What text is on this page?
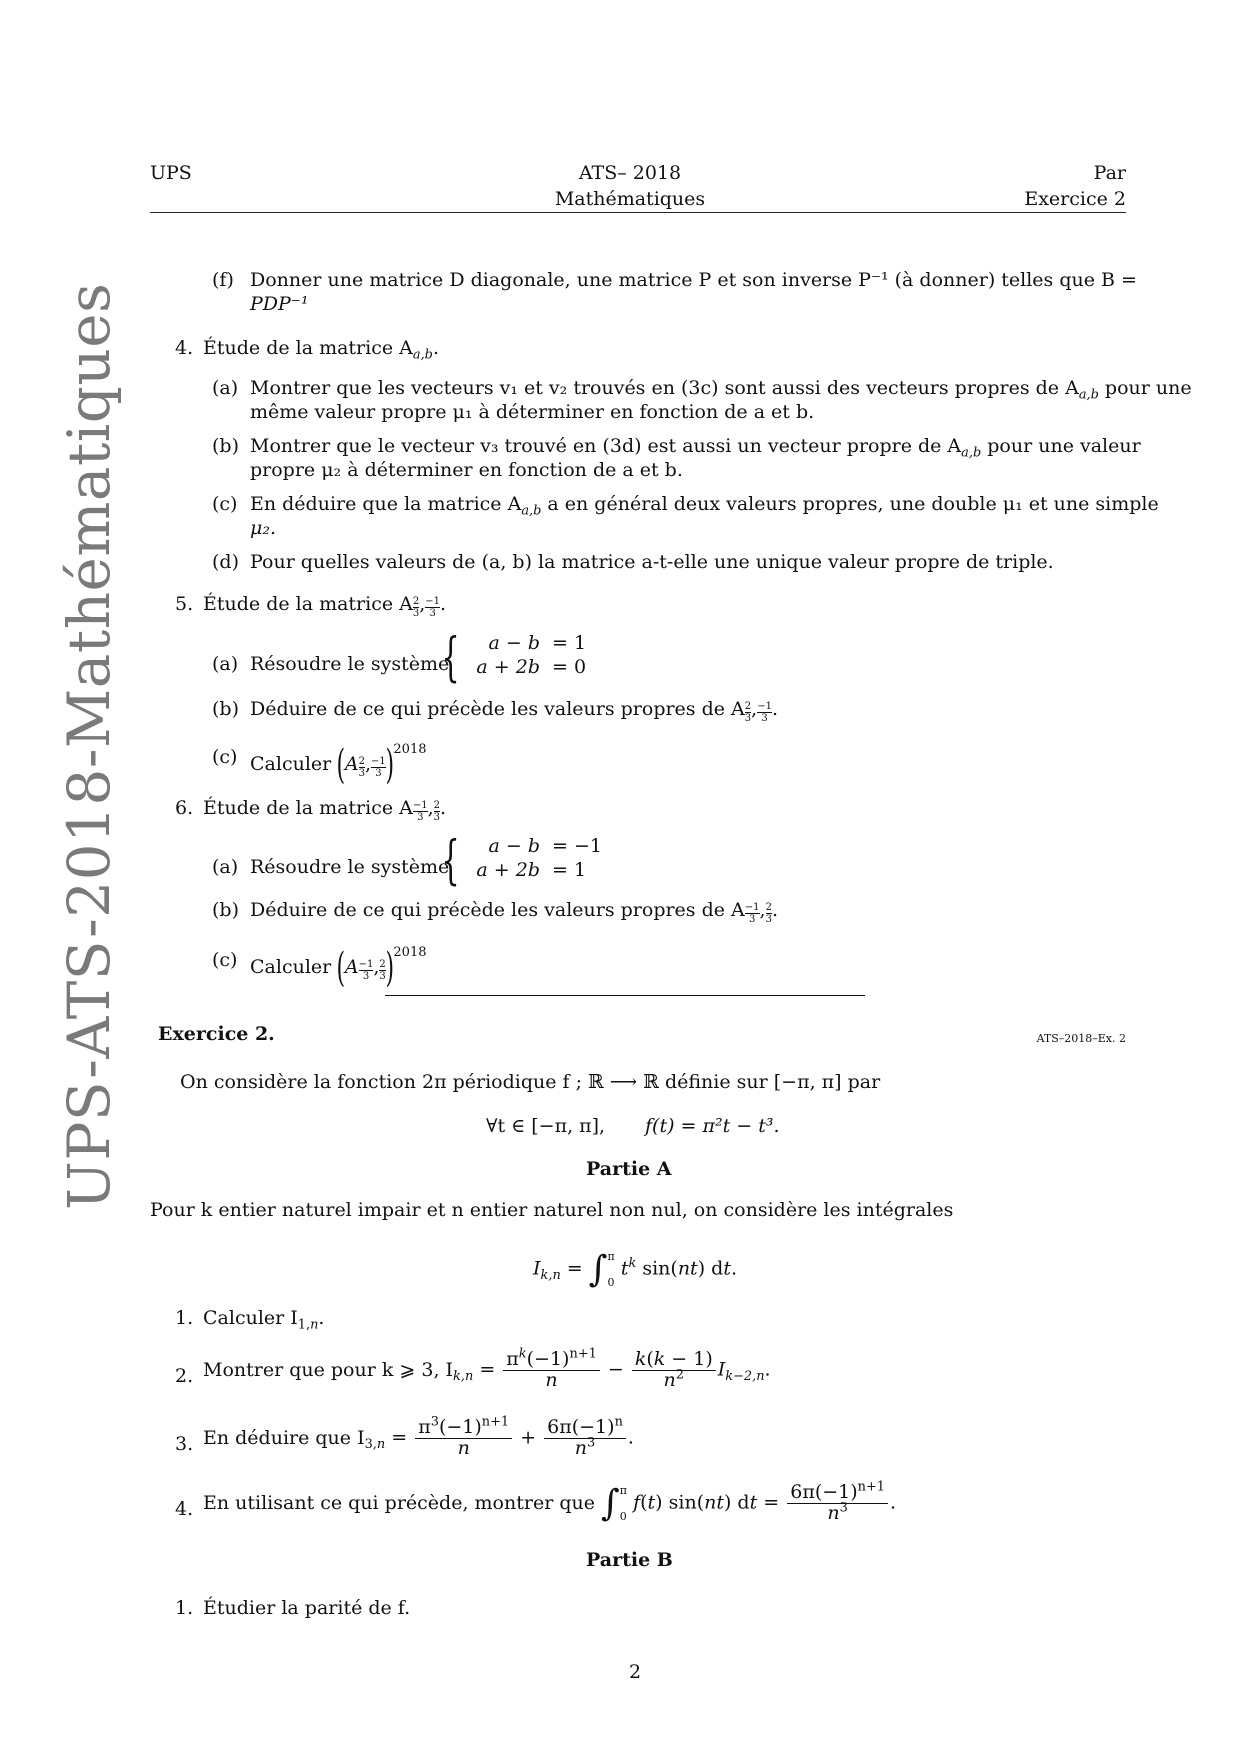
UPS	ATS– 2018
Mathématiques
Par
Exercice 2
UPS-ATS-2018-Mathématiques
(f) Donner une matrice D diagonale, une matrice P et son inverse P⁻¹ (à donner) telles que B =
PDP⁻¹
4. Étude de la matrice $A_{a,b}$.
(a) Montrer que les vecteurs v₁ et v₂ trouvés en (3c) sont aussi des vecteurs propres de $A_{a,b}$ pour une
même valeur propre μ₁ à déterminer en fonction de a et b.
(b) Montrer que le vecteur v₃ trouvé en (3d) est aussi un vecteur propre de $A_{a,b}$ pour une valeur
propre μ₂ à déterminer en fonction de a et b.
(c) En déduire que la matrice $A_{a,b}$ a en général deux valeurs propres, une double μ₁ et une simple
μ₂.
(d) Pour quelles valeurs de (a, b) la matrice a-t-elle une unique valeur propre de triple.
5. Étude de la matrice A $\frac{2}{3}$ , $\frac{-1}{3}$ .
(a) Résoudre le système
{	a − b = 1
a + 2b = 0
(b) Déduire de ce qui précède les valeurs propres de A $\frac{2}{3}$ , $\frac{-1}{3}$ .
(c) Calculer ($A \frac{2}{3}$ , $\frac{-1}{3} )^{2018}$
6. Étude de la matrice A $\frac{-1}{3}$ , $\frac{2}{3}$ .
(a) Résoudre le système
{	a − b = −1
a + 2b = 1
(b) Déduire de ce qui précède les valeurs propres de A $\frac{-1}{3}$ , $\frac{2}{3}$ .
(c) Calculer ($A \frac{-1}{3}$ , $\frac{2}{3} )^{2018}$
Exercice 2.	ATS–2018–Ex. 2
On considère la fonction 2π périodique f ; ℝ ⟶ ℝ définie sur [−π, π] par
∀t ∈ [−π, π], f(t) = π²t − t³.
Partie A
Pour k entier naturel impair et n entier naturel non nul, on considère les intégrales
$I_{k,n}$ = ∫ π
0
$t^k$ sin(nt) dt.
1. Calculer $I_{1,n}$.
2. Montrer que pour k ⩾ 3, $I_{k,n} = \frac{\pi^k(-1)^{n+1}}{n} - \frac{k(k - 1)}{n^2} I_{k-2,n}$.
3. En déduire que $I_{3,n} = \frac{\pi^3(-1)^{n+1}}{n} + \frac{6\pi(-1)^n}{n^3}$ .
4. En utilisant ce qui précède, montrer que ∫ π
0
f(t) sin(nt) dt = $\frac{6\pi(-1)^{n+1}}{n^3}$ .
Partie B
1. Étudier la parité de f.
2
